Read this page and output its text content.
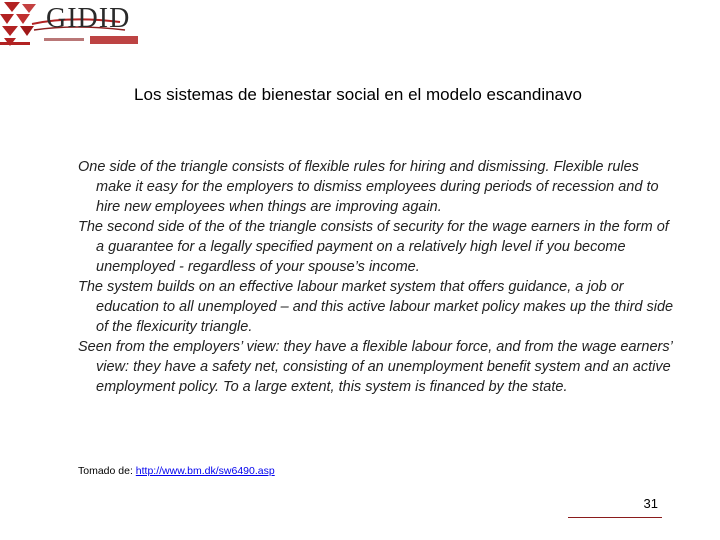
GIDID
Los sistemas de bienestar social en el modelo escandinavo

One side of the triangle consists of flexible rules for hiring and dismissing. Flexible rules make it easy for the employers to dismiss employees during periods of recession and to hire new employees when things are improving again.

The second side of the of the triangle consists of security for the wage earners in the form of a guarantee for a legally specified payment on a relatively high level if you become unemployed - regardless of your spouse’s income.

The system builds on an effective labour market system that offers guidance, a job or education to all unemployed – and this active labour market policy makes up the third side of the flexicurity triangle.

Seen from the employers’ view: they have a flexible labour force, and from the wage earners’ view: they have a safety net, consisting of an unemployment benefit system and an active employment policy. To a large extent, this system is financed by the state.

Tomado de: http://www.bm.dk/sw6490.asp
31
